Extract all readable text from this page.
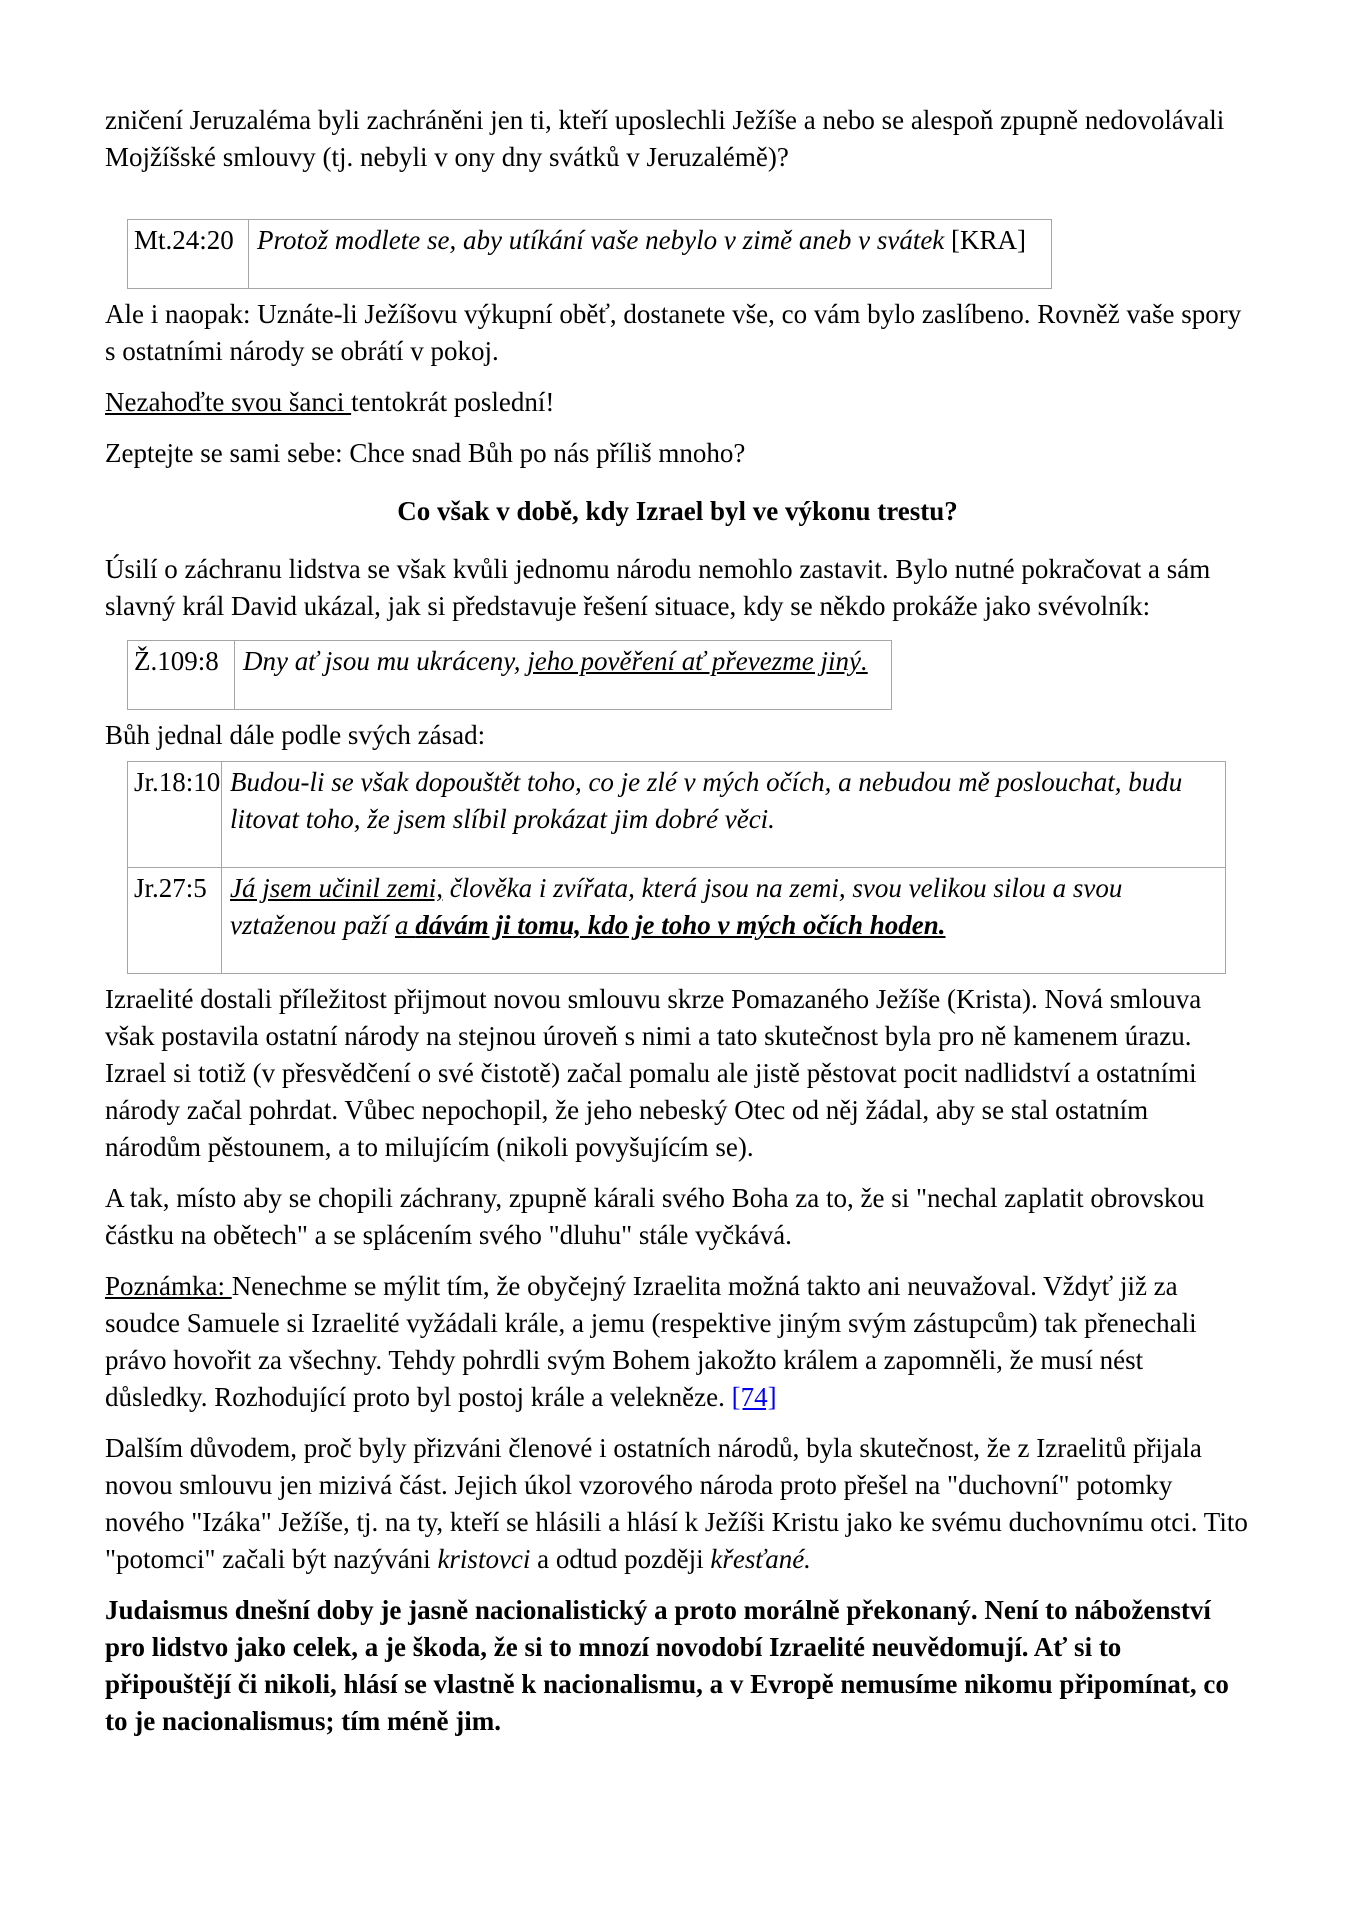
zničení Jeruzaléma byli zachráněni jen ti, kteří uposlechli Ježíše a nebo se alespoň zpupně nedovolávali Mojžíšské smlouvy (tj. nebyli v ony dny svátků v Jeruzalémě)?

Mt.24:20	Protož modlete se, aby utíkání vaše nebylo v zimě aneb v svátek [KRA]

Ale i naopak: Uznáte-li Ježíšovu výkupní oběť, dostanete vše, co vám bylo zaslíbeno. Rovněž vaše spory s ostatními národy se obrátí v pokoj.

Nezahoďte svou šanci tentokrát poslední!

Zeptejte se sami sebe: Chce snad Bůh po nás příliš mnoho?

Co však v době, kdy Izrael byl ve výkonu trestu?

Úsilí o záchranu lidstva se však kvůli jednomu národu nemohlo zastavit. Bylo nutné pokračovat a sám slavný král David ukázal, jak si představuje řešení situace, kdy se někdo prokáže jako svévolník:

Ž.109:8	Dny ať jsou mu ukráceny, jeho pověření ať převezme jiný.

Bůh jednal dále podle svých zásad:

Jr.18:10	Budou-li se však dopouštět toho, co je zlé v mých očích, a nebudou mě poslouchat, budu litovat toho, že jsem slíbil prokázat jim dobré věci.
Jr.27:5	Já jsem učinil zemi, člověka i zvířata, která jsou na zemi, svou velikou silou a svou vztaženou paží a dávám ji tomu, kdo je toho v mých očích hoden.

Izraelité dostali příležitost přijmout novou smlouvu skrze Pomazaného Ježíše (Krista). Nová smlouva však postavila ostatní národy na stejnou úroveň s nimi a tato skutečnost byla pro ně kamenem úrazu. Izrael si totiž (v přesvědčení o své čistotě) začal pomalu ale jistě pěstovat pocit nadlidství a ostatními národy začal pohrdat. Vůbec nepochopil, že jeho nebeský Otec od něj žádal, aby se stal ostatním národům pěstounem, a to milujícím (nikoli povyšujícím se).

A tak, místo aby se chopili záchrany, zpupně kárali svého Boha za to, že si "nechal zaplatit obrovskou částku na obětech" a se splácením svého "dluhu" stále vyčkává.

Poznámka: Nenechme se mýlit tím, že obyčejný Izraelita možná takto ani neuvažoval. Vždyť již za soudce Samuele si Izraelité vyžádali krále, a jemu (respektive jiným svým zástupcům) tak přenechali právo hovořit za všechny. Tehdy pohrdli svým Bohem jakožto králem a zapomněli, že musí nést důsledky. Rozhodující proto byl postoj krále a velekněze. [74]

Dalším důvodem, proč byly přizváni členové i ostatních národů, byla skutečnost, že z Izraelitů přijala novou smlouvu jen mizivá část. Jejich úkol vzorového národa proto přešel na "duchovní" potomky nového "Izáka" Ježíše, tj. na ty, kteří se hlásili a hlásí k Ježíši Kristu jako ke svému duchovnímu otci. Tito "potomci" začali být nazýváni kristovci a odtud později křesťané.

Judaismus dnešní doby je jasně nacionalistický a proto morálně překonaný. Není to náboženství pro lidstvo jako celek, a je škoda, že si to mnozí novodobí Izraelité neuvědomují. Ať si to připouštějí či nikoli, hlásí se vlastně k nacionalismu, a v Evropě nemusíme nikomu připomínat, co to je nacionalismus; tím méně jim.
